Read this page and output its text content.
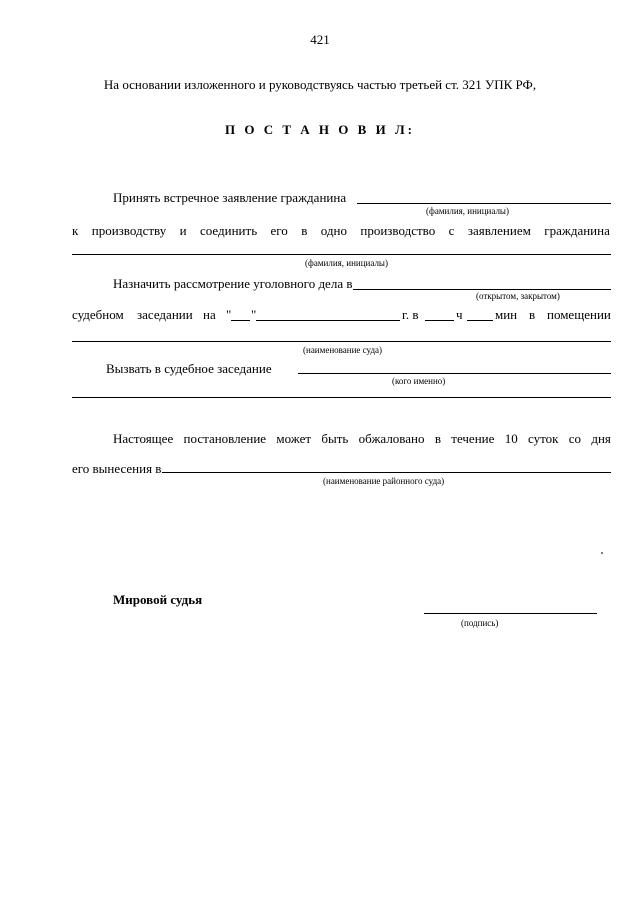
421
На основании изложенного и руководствуясь частью третьей ст. 321 УПК РФ,
П О С Т А Н О В И Л:
Принять встречное заявление гражданина
(фамилия, инициалы)
к производству и соединить его в одно производство с заявлением гражданина
(фамилия, инициалы)
Назначить рассмотрение уголовного дела в
(открытом, закрытом)
судебном заседании на " "	г. в	ч мин в помещении
(наименование суда)
Вызвать в судебное заседание
(кого именно)
Настоящее постановление может быть обжаловано в течение 10 суток со дня
его вынесения в
(наименование районного суда)
Мировой судья
(подпись)
